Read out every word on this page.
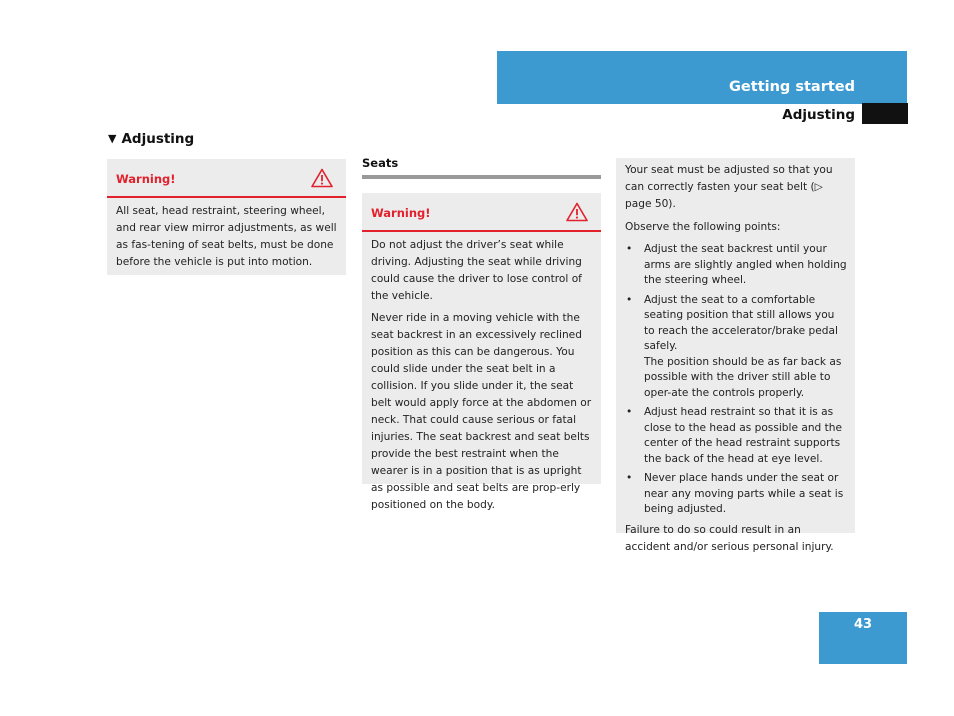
Getting started
Adjusting
▼ Adjusting
Warning!

All seat, head restraint, steering wheel, and rear view mirror adjustments, as well as fas-tening of seat belts, must be done before the vehicle is put into motion.

Seats
Warning!

Do not adjust the driver’s seat while driving. Adjusting the seat while driving could cause the driver to lose control of the vehicle.

Never ride in a moving vehicle with the seat backrest in an excessively reclined position as this can be dangerous. You could slide under the seat belt in a collision. If you slide under it, the seat belt would apply force at the abdomen or neck. That could cause serious or fatal injuries. The seat backrest and seat belts provide the best restraint when the wearer is in a position that is as upright as possible and seat belts are prop-erly positioned on the body.

Your seat must be adjusted so that you can correctly fasten your seat belt (▷ page 50).

Observe the following points:

• Adjust the seat backrest until your arms are slightly angled when holding the steering wheel.
• Adjust the seat to a comfortable seating position that still allows you to reach the accelerator/brake pedal safely.
The position should be as far back as possible with the driver still able to oper-ate the controls properly.
• Adjust head restraint so that it is as close to the head as possible and the center of the head restraint supports the back of the head at eye level.
• Never place hands under the seat or near any moving parts while a seat is being adjusted.

Failure to do so could result in an accident and/or serious personal injury.

43
